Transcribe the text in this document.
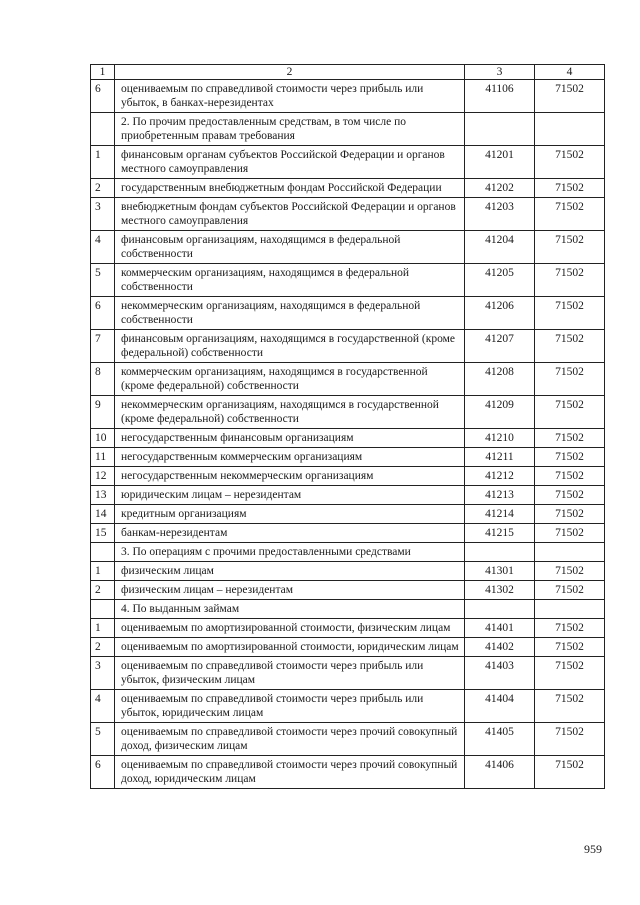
1	2	3	4
6	оцениваемым по справедливой стоимости через прибыль или убыток, в банках-нерезидентах	41106	71502
	2. По прочим предоставленным средствам, в том числе по приобретенным правам требования		
1	финансовым органам субъектов Российской Федерации и органов местного самоуправления	41201	71502
2	государственным внебюджетным фондам Российской Федерации	41202	71502
3	внебюджетным фондам субъектов Российской Федерации и органов местного самоуправления	41203	71502
4	финансовым организациям, находящимся в федеральной собственности	41204	71502
5	коммерческим организациям, находящимся в федеральной собственности	41205	71502
6	некоммерческим организациям, находящимся в федеральной собственности	41206	71502
7	финансовым организациям, находящимся в государственной (кроме федеральной) собственности	41207	71502
8	коммерческим организациям, находящимся в государственной (кроме федеральной) собственности	41208	71502
9	некоммерческим организациям, находящимся в государственной (кроме федеральной) собственности	41209	71502
10	негосударственным финансовым организациям	41210	71502
11	негосударственным коммерческим организациям	41211	71502
12	негосударственным некоммерческим организациям	41212	71502
13	юридическим лицам – нерезидентам	41213	71502
14	кредитным организациям	41214	71502
15	банкам-нерезидентам	41215	71502
	3. По операциям с прочими предоставленными средствами		
1	физическим лицам	41301	71502
2	физическим лицам – нерезидентам	41302	71502
	4. По выданным займам		
1	оцениваемым по амортизированной стоимости, физическим лицам	41401	71502
2	оцениваемым по амортизированной стоимости, юридическим лицам	41402	71502
3	оцениваемым по справедливой стоимости через прибыль или убыток, физическим лицам	41403	71502
4	оцениваемым по справедливой стоимости через прибыль или убыток, юридическим лицам	41404	71502
5	оцениваемым по справедливой стоимости через прочий совокупный доход, физическим лицам	41405	71502
6	оцениваемым по справедливой стоимости через прочий совокупный доход, юридическим лицам	41406	71502
959
